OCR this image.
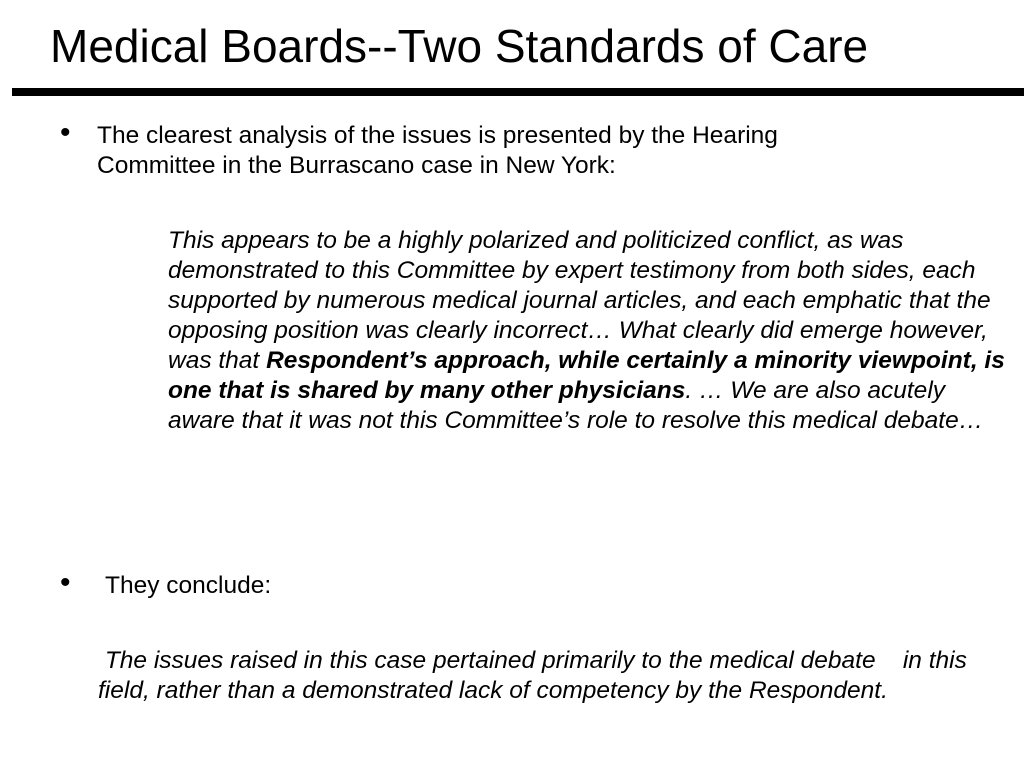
Medical Boards--Two Standards of Care
• The clearest analysis of the issues is presented by the Hearing
Committee in the Burrascano case in New York:
This appears to be a highly polarized and politicized conflict, as was demonstrated to this Committee by expert testimony from both sides, each supported by numerous medical journal articles, and each emphatic that the opposing position was clearly incorrect… What clearly did emerge however, was that Respondent’s approach, while certainly a minority viewpoint, is one that is shared by many other physicians. … We are also acutely aware that it was not this Committee’s role to resolve this medical debate…
• They conclude:
The issues raised in this case pertained primarily to the medical debate    in this field, rather than a demonstrated lack of competency by the Respondent.
